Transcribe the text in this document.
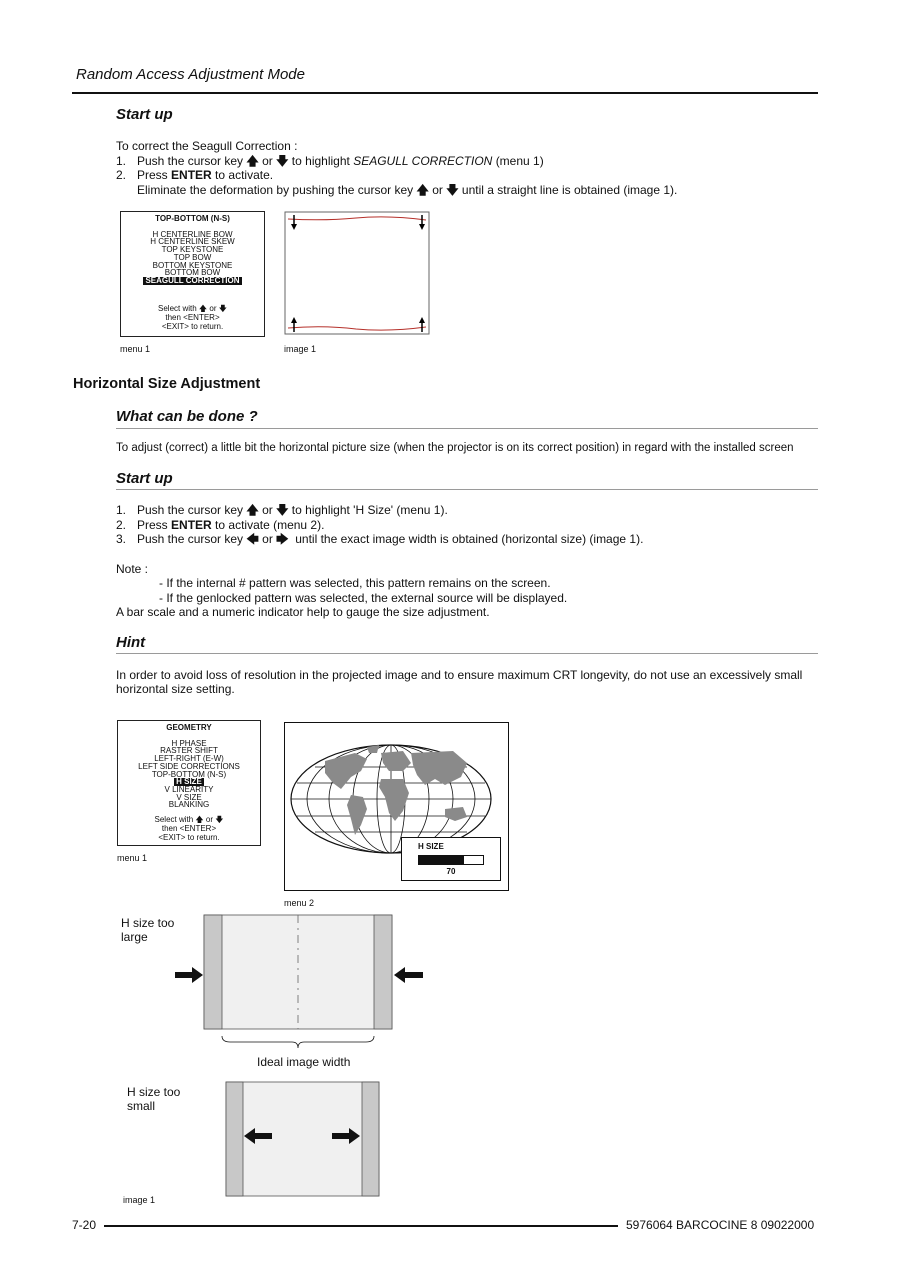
Random Access Adjustment Mode
Start up
To correct the Seagull Correction :
1. Push the cursor key 🡅 or 🡇 to highlight SEAGULL CORRECTION (menu 1)
2. Press ENTER to activate.
Eliminate the deformation by pushing the cursor key 🡅 or 🡇 until a straight line is obtained (image 1).
TOP-BOTTOM (N-S)
H CENTERLINE BOW
H CENTERLINE SKEW
TOP KEYSTONE
TOP BOW
BOTTOM KEYSTONE
BOTTOM BOW
SEAGULL CORRECTION
Select with 🡅 or 🡇
then <ENTER>
<EXIT> to return.
menu 1	image 1
Horizontal Size Adjustment
What can be done ?
To adjust (correct) a little bit the horizontal picture size (when the projector is on its correct position) in regard with the installed screen
Start up
1. Push the cursor key 🡅 or 🡇 to highlight 'H Size' (menu 1).
2. Press ENTER to activate (menu 2).
3. Push the cursor key 🡄 or 🡆 until the exact image width is obtained (horizontal size) (image 1).
Note :
- If the internal # pattern was selected, this pattern remains on the screen.
- If the genlocked pattern was selected, the external source will be displayed.
A bar scale and a numeric indicator help to gauge the size adjustment.
Hint
In order to avoid loss of resolution in the projected image and to ensure maximum CRT longevity, do not use an excessively small
horizontal size setting.
GEOMETRY
H PHASE
RASTER SHIFT
LEFT-RIGHT (E-W)
LEFT SIDE CORRECTIONS
TOP-BOTTOM (N-S)
H SIZE
V LINEARITY
V SIZE
BLANKING
Select with 🡅 or 🡇
then <ENTER>
<EXIT> to return.
menu 1
H SIZE
70
menu 2
H size too
large
Ideal image width
H size too
small
image 1
7-20	5976064 BARCOCINE 8 09022000
